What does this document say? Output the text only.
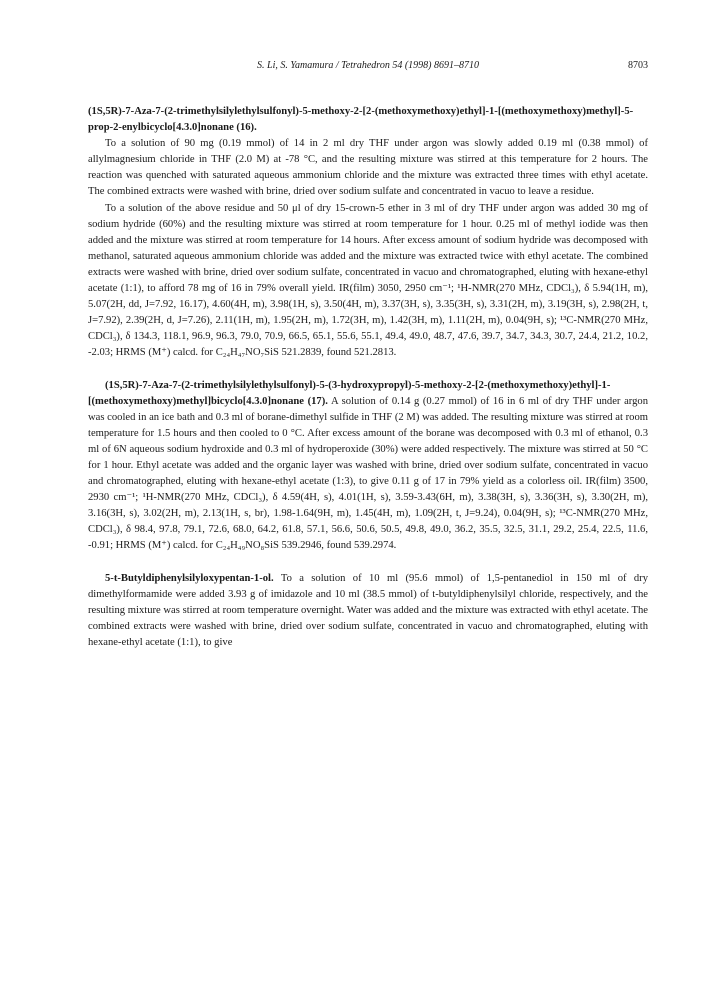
S. Li, S. Yamamura / Tetrahedron 54 (1998) 8691–8710	8703

(1S,5R)-7-Aza-7-(2-trimethylsilylethylsulfonyl)-5-methoxy-2-[2-(methoxymethoxy)ethyl]-1-[(methoxymethoxy)methyl]-5-prop-2-enylbicyclo[4.3.0]nonane (16).

To a solution of 90 mg (0.19 mmol) of 14 in 2 ml dry THF under argon was slowly added 0.19 ml (0.38 mmol) of allylmagnesium chloride in THF (2.0 M) at -78 °C, and the resulting mixture was stirred at this temperature for 2 hours. The reaction was quenched with saturated aqueous ammonium chloride and the mixture was extracted three times with ethyl acetate. The combined extracts were washed with brine, dried over sodium sulfate and concentrated in vacuo to leave a residue.

To a solution of the above residue and 50 μl of dry 15-crown-5 ether in 3 ml of dry THF under argon was added 30 mg of sodium hydride (60%) and the resulting mixture was stirred at room temperature for 1 hour. 0.25 ml of methyl iodide was then added and the mixture was stirred at room temperature for 14 hours. After excess amount of sodium hydride was decomposed with methanol, saturated aqueous ammonium chloride was added and the mixture was extracted twice with ethyl acetate. The combined extracts were washed with brine, dried over sodium sulfate, concentrated in vacuo and chromatographed, eluting with hexane-ethyl acetate (1:1), to afford 78 mg of 16 in 79% overall yield. IR(film) 3050, 2950 cm⁻¹; ¹H-NMR(270 MHz, CDCl₃), δ 5.94(1H, m), 5.07(2H, dd, J=7.92, 16.17), 4.60(4H, m), 3.98(1H, s), 3.50(4H, m), 3.37(3H, s), 3.35(3H, s), 3.31(2H, m), 3.19(3H, s), 2.98(2H, t, J=7.92), 2.39(2H, d, J=7.26), 2.11(1H, m), 1.95(2H, m), 1.72(3H, m), 1.42(3H, m), 1.11(2H, m), 0.04(9H, s); ¹³C-NMR(270 MHz, CDCl₃), δ 134.3, 118.1, 96.9, 96.3, 79.0, 70.9, 66.5, 65.1, 55.6, 55.1, 49.4, 49.0, 48.7, 47.6, 39.7, 34.7, 34.3, 30.7, 24.4, 21.2, 10.2, -2.03; HRMS (M⁺) calcd. for C₂₄H₄₇NO₇SiS 521.2839, found 521.2813.

(1S,5R)-7-Aza-7-(2-trimethylsilylethylsulfonyl)-5-(3-hydroxypropyl)-5-methoxy-2-[2-(methoxymethoxy)ethyl]-1-[(methoxymethoxy)methyl]bicyclo[4.3.0]nonane (17). A solution of 0.14 g (0.27 mmol) of 16 in 6 ml of dry THF under argon was cooled in an ice bath and 0.3 ml of borane-dimethyl sulfide in THF (2 M) was added. The resulting mixture was stirred at room temperature for 1.5 hours and then cooled to 0 °C. After excess amount of the borane was decomposed with 0.3 ml of ethanol, 0.3 ml of 6N aqueous sodium hydroxide and 0.3 ml of hydroperoxide (30%) were added respectively. The mixture was stirred at 50 °C for 1 hour. Ethyl acetate was added and the organic layer was washed with brine, dried over sodium sulfate, concentrated in vacuo and chromatographed, eluting with hexane-ethyl acetate (1:3), to give 0.11 g of 17 in 79% yield as a colorless oil. IR(film) 3500, 2930 cm⁻¹; ¹H-NMR(270 MHz, CDCl₃), δ 4.59(4H, s), 4.01(1H, s), 3.59-3.43(6H, m), 3.38(3H, s), 3.36(3H, s), 3.30(2H, m), 3.16(3H, s), 3.02(2H, m), 2.13(1H, s, br), 1.98-1.64(9H, m), 1.45(4H, m), 1.09(2H, t, J=9.24), 0.04(9H, s); ¹³C-NMR(270 MHz, CDCl₃), δ 98.4, 97.8, 79.1, 72.6, 68.0, 64.2, 61.8, 57.1, 56.6, 50.6, 50.5, 49.8, 49.0, 36.2, 35.5, 32.5, 31.1, 29.2, 25.4, 22.5, 11.6, -0.91; HRMS (M⁺) calcd. for C₂₄H₄₉NO₈SiS 539.2946, found 539.2974.

5-t-Butyldiphenylsilyloxypentan-1-ol. To a solution of 10 ml (95.6 mmol) of 1,5-pentanediol in 150 ml of dry dimethylformamide were added 3.93 g of imidazole and 10 ml (38.5 mmol) of t-butyldiphenylsilyl chloride, respectively, and the resulting mixture was stirred at room temperature overnight. Water was added and the mixture was extracted with ethyl acetate. The combined extracts were washed with brine, dried over sodium sulfate, concentrated in vacuo and chromatographed, eluting with hexane-ethyl acetate (1:1), to give
